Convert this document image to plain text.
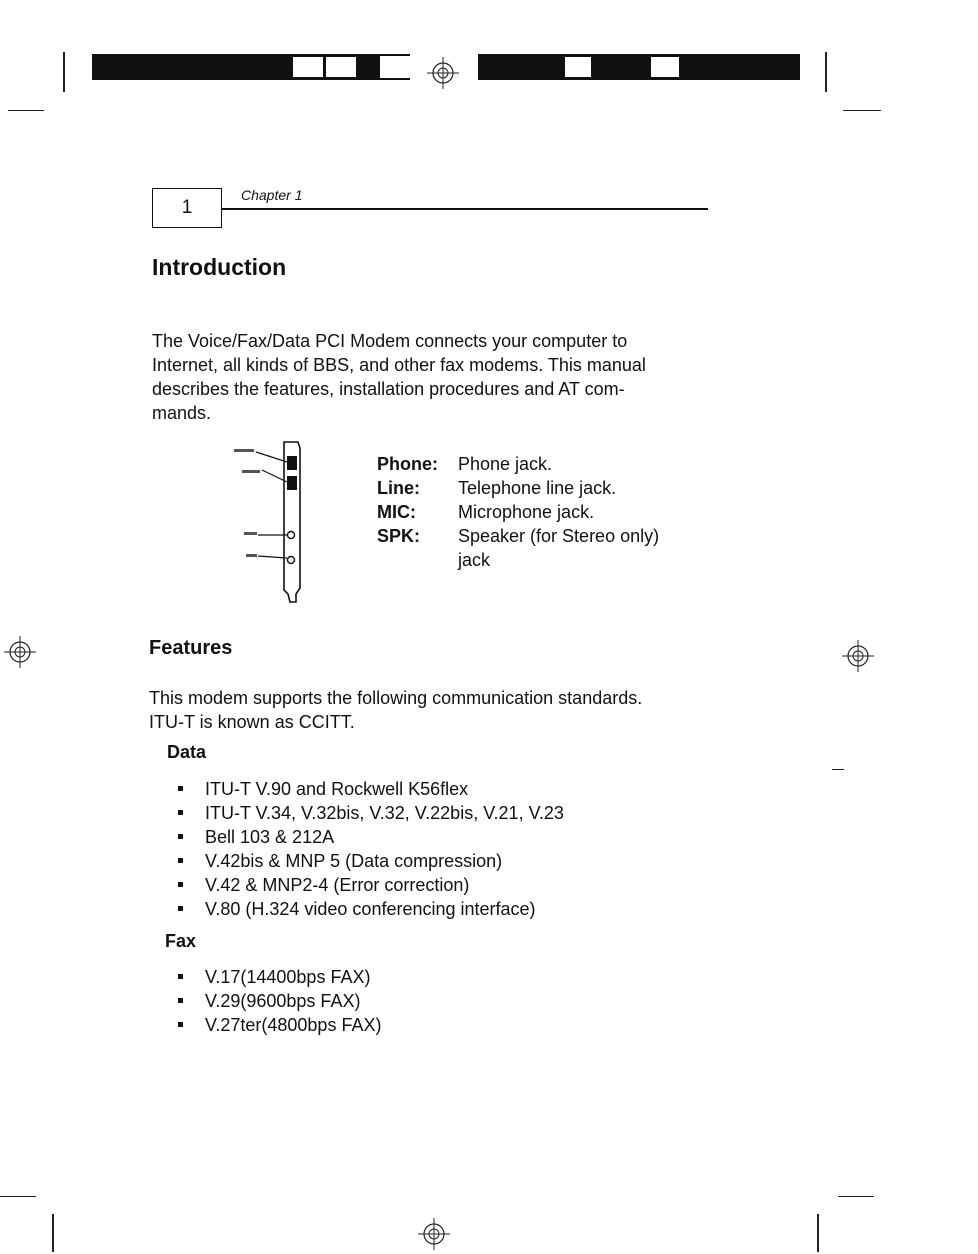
1
Chapter 1
Introduction
The Voice/Fax/Data PCI Modem connects your computer to
Internet, all kinds of BBS, and other fax modems. This manual
describes the features, installation procedures and AT com-
mands.
Phone:	Phone jack.
Line:	Telephone line jack.
MIC:	Microphone jack.
SPK:	Speaker (for Stereo only) jack
Features
This modem supports the following communication standards.
ITU-T is known as CCITT.
Data
ITU-T V.90 and Rockwell K56flex
ITU-T V.34, V.32bis, V.32, V.22bis, V.21, V.23
Bell 103 & 212A
V.42bis & MNP 5 (Data compression)
V.42 & MNP2-4 (Error correction)
V.80 (H.324 video conferencing interface)
Fax
V.17(14400bps FAX)
V.29(9600bps FAX)
V.27ter(4800bps FAX)
